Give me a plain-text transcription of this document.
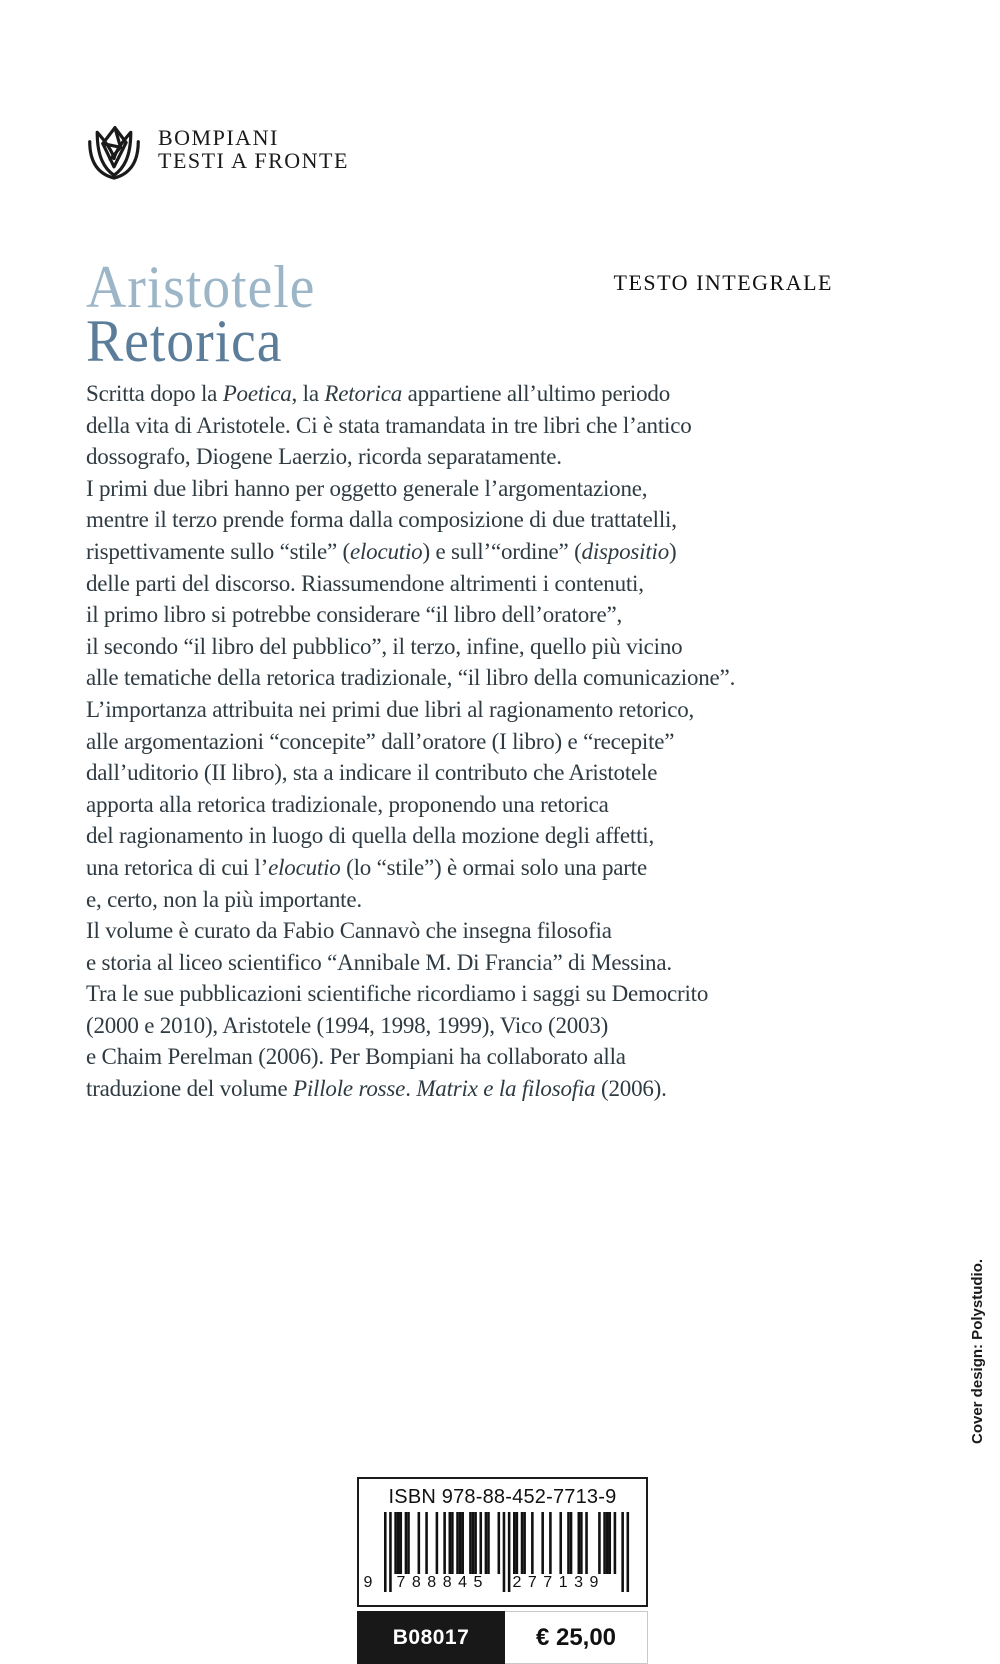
BOMPIANI
TESTI A FRONTE
Aristotele
Retorica
TESTO INTEGRALE
Scritta dopo la Poetica, la Retorica appartiene all’ultimo periodo
della vita di Aristotele. Ci è stata tramandata in tre libri che l’antico
dossografo, Diogene Laerzio, ricorda separatamente.
I primi due libri hanno per oggetto generale l’argomentazione,
mentre il terzo prende forma dalla composizione di due trattatelli,
rispettivamente sullo “stile” (elocutio) e sull’“ordine” (dispositio)
delle parti del discorso. Riassumendone altrimenti i contenuti,
il primo libro si potrebbe considerare “il libro dell’oratore”,
il secondo “il libro del pubblico”, il terzo, infine, quello più vicino
alle tematiche della retorica tradizionale, “il libro della comunicazione”.
L’importanza attribuita nei primi due libri al ragionamento retorico,
alle argomentazioni “concepite” dall’oratore (I libro) e “recepite”
dall’uditorio (II libro), sta a indicare il contributo che Aristotele
apporta alla retorica tradizionale, proponendo una retorica
del ragionamento in luogo di quella della mozione degli affetti,
una retorica di cui l’elocutio (lo “stile”) è ormai solo una parte
e, certo, non la più importante.
Il volume è curato da Fabio Cannavò che insegna filosofia
e storia al liceo scientifico “Annibale M. Di Francia” di Messina.
Tra le sue pubblicazioni scientifiche ricordiamo i saggi su Democrito
(2000 e 2010), Aristotele (1994, 1998, 1999), Vico (2003)
e Chaim Perelman (2006). Per Bompiani ha collaborato alla
traduzione del volume Pillole rosse. Matrix e la filosofia (2006).
Cover design: Polystudio.
ISBN 978-88-452-7713-9
9 788845	277139
B08017	€ 25,00
